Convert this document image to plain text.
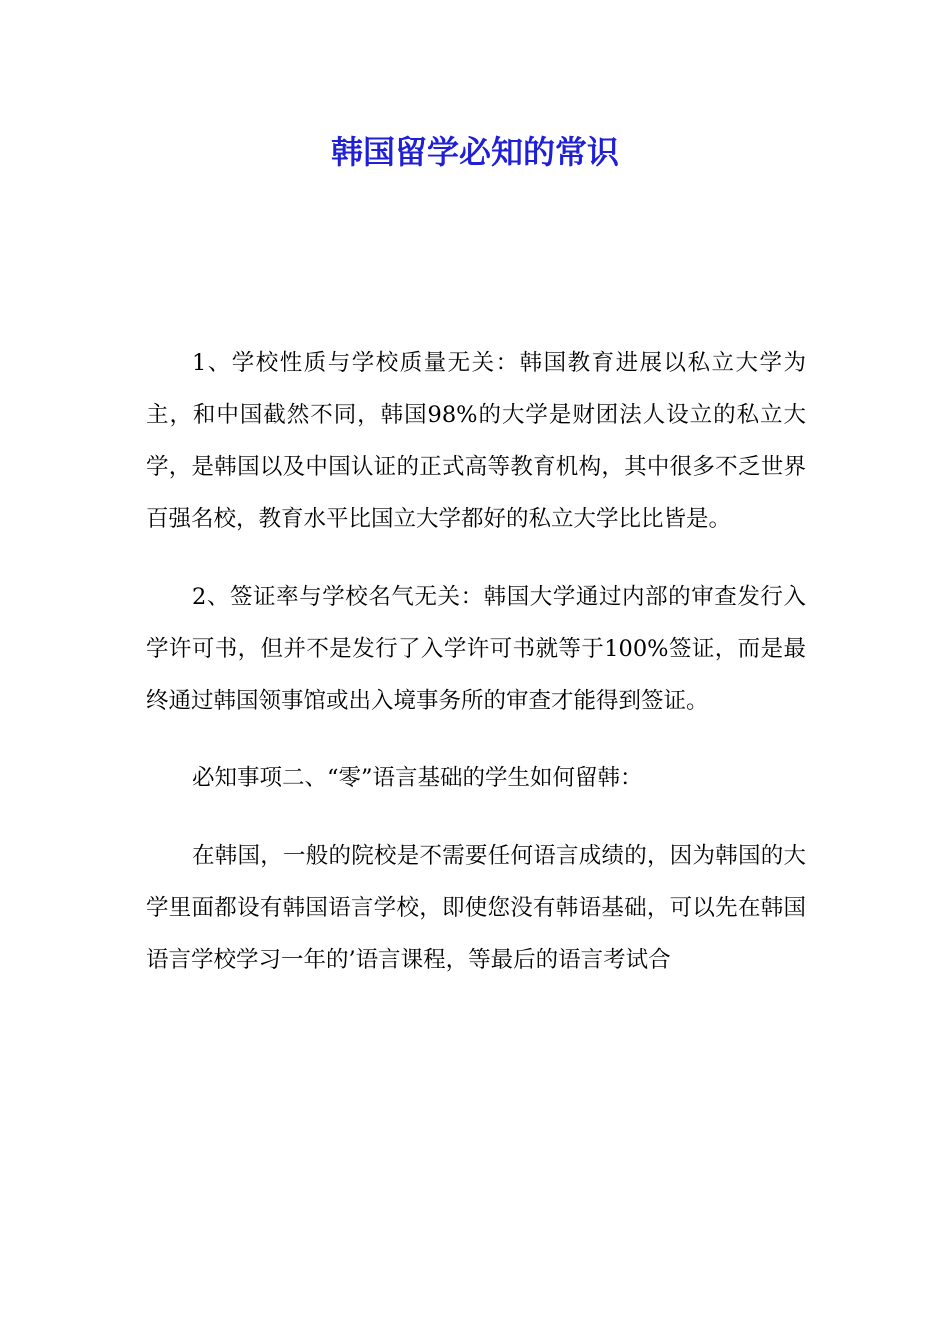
韩国留学必知的常识

1、学校性质与学校质量无关：韩国教育进展以私立大学为主，和中国截然不同，韩国98%的大学是财团法人设立的私立大学，是韩国以及中国认证的正式高等教育机构，其中很多不乏世界百强名校，教育水平比国立大学都好的私立大学比比皆是。

2、签证率与学校名气无关：韩国大学通过内部的审查发行入学许可书，但并不是发行了入学许可书就等于100%签证，而是最终通过韩国领事馆或出入境事务所的审查才能得到签证。

必知事项二、“零”语言基础的学生如何留韩：

在韩国，一般的院校是不需要任何语言成绩的，因为韩国的大学里面都设有韩国语言学校，即使您没有韩语基础，可以先在韩国语言学校学习一年的’语言课程，等最后的语言考试合
